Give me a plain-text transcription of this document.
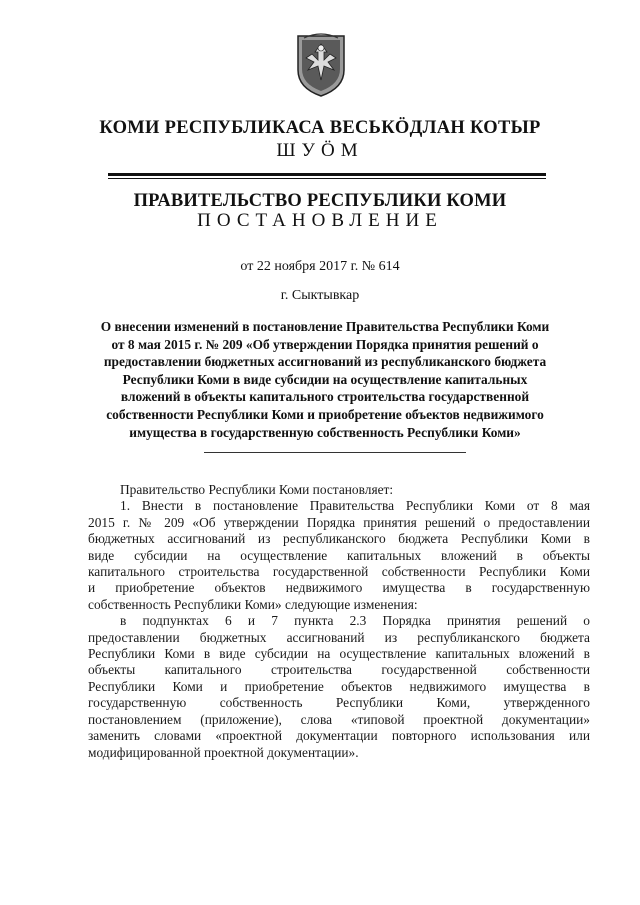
КОМИ РЕСПУБЛИКАСА ВЕСЬКӦДЛАН КОТЫР
ШУÖМ
ПРАВИТЕЛЬСТВО РЕСПУБЛИКИ КОМИ
ПОСТАНОВЛЕНИЕ
от 22 ноября 2017 г. № 614
г. Сыктывкар
О внесении изменений в постановление Правительства Республики Коми
от 8 мая 2015 г. № 209 «Об утверждении Порядка принятия решений о
предоставлении бюджетных ассигнований из республиканского бюджета
Республики Коми в виде субсидии на осуществление капитальных
вложений в объекты капитального строительства государственной
собственности Республики Коми и приобретение объектов недвижимого
имущества в государственную собственность Республики Коми»
Правительство Республики Коми постановляет:
1. Внести в постановление Правительства Республики Коми от 8 мая
2015 г. № 209 «Об утверждении Порядка принятия решений о предоставлении
бюджетных ассигнований из республиканского бюджета Республики Коми в
виде субсидии на осуществление капитальных вложений в объекты
капитального строительства государственной собственности Республики Коми
и приобретение объектов недвижимого имущества в государственную
собственность Республики Коми» следующие изменения:
в подпунктах 6 и 7 пункта 2.3 Порядка принятия решений о
предоставлении бюджетных ассигнований из республиканского бюджета
Республики Коми в виде субсидии на осуществление капитальных вложений в
объекты капитального строительства государственной собственности
Республики Коми и приобретение объектов недвижимого имущества в
государственную собственность Республики Коми, утвержденного
постановлением (приложение), слова «типовой проектной документации»
заменить словами «проектной документации повторного использования или
модифицированной проектной документации».
